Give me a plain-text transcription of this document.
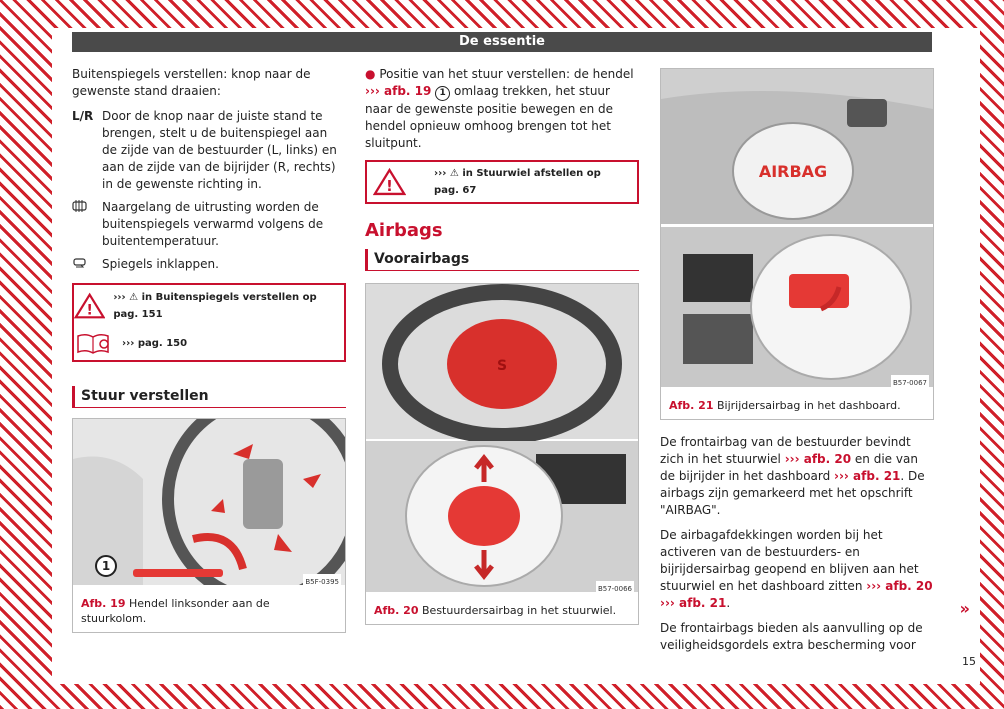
De essentie

Buitenspiegels verstellen: knop naar de gewenste stand draaien:

L/R Door de knop naar de juiste stand te brengen, stelt u de buitenspiegel aan de zijde van de bestuurder (L, links) en aan de zijde van de bijrijder (R, rechts) in de gewenste richting in.
Naargelang de uitrusting worden de buitenspiegels verwarmd volgens de buitentemperatuur.
Spiegels inklappen.
!
››› ⚠ in Buitenspiegels verstellen op pag. 151
››› pag. 150
Stuur verstellen
1
B5F-0395
Afb. 19 Hendel linksonder aan de stuurkolom.

● Positie van het stuur verstellen: de hendel ››› afb. 19 1 omlaag trekken, het stuur naar de gewenste positie bewegen en de hendel opnieuw omhoog brengen tot het sluitpunt.

!
››› ⚠ in Stuurwiel afstellen op pag. 67
Airbags
Voorairbags
S
B57-0066
Afb. 20 Bestuurdersairbag in het stuurwiel.
AIRBAG
B57-0067
Afb. 21 Bijrijdersairbag in het dashboard.

De frontairbag van de bestuurder bevindt zich in het stuurwiel ››› afb. 20 en die van de bijrijder in het dashboard ››› afb. 21. De airbags zijn gemarkeerd met het opschrift "AIRBAG".

De airbagafdekkingen worden bij het activeren van de bestuurders- en bijrijdersairbag geopend en blijven aan het stuurwiel en het dashboard zitten ››› afb. 20 ››› afb. 21.

De frontairbags bieden als aanvulling op de veiligheidsgordels extra bescherming voor

»
15
